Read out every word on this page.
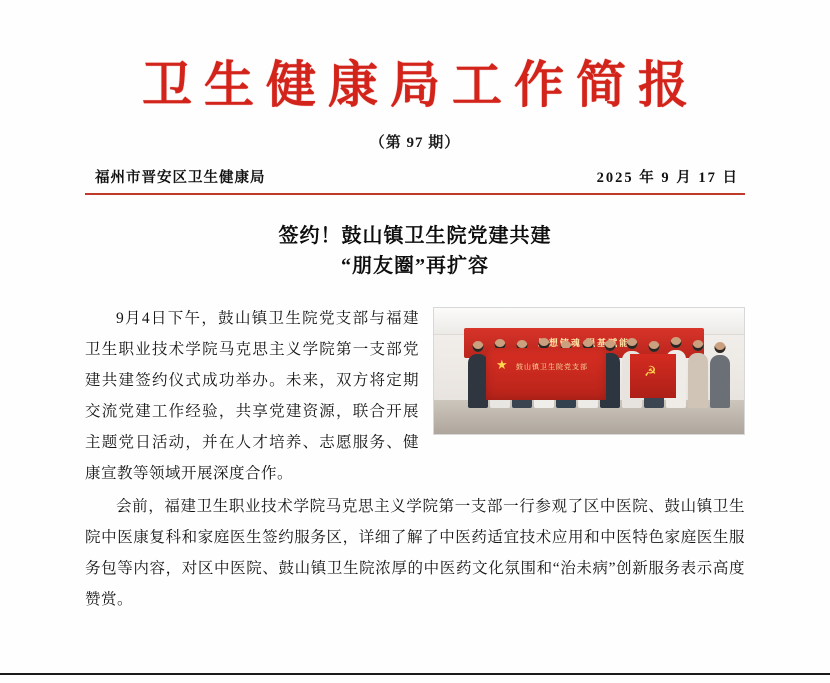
卫生健康局工作简报
（第 97 期）
福州市晋安区卫生健康局	2025 年 9 月 17 日
签约！鼓山镇卫生院党建共建
“朋友圈”再扩容
思想铸魂
★ 鼓山镇卫生院党支部	☭

9月4日下午，鼓山镇卫生院党支部与福建卫生职业技术学院马克思主义学院第一支部党建共建签约仪式成功举办。未来，双方将定期交流党建工作经验，共享党建资源，联合开展主题党日活动，并在人才培养、志愿服务、健康宣教等领域开展深度合作。

会前，福建卫生职业技术学院马克思主义学院第一支部一行参观了区中医院、鼓山镇卫生院中医康复科和家庭医生签约服务区，详细了解了中医药适宜技术应用和中医特色家庭医生服务包等内容，对区中医院、鼓山镇卫生院浓厚的中医药文化氛围和“治未病”创新服务表示高度赞赏。
